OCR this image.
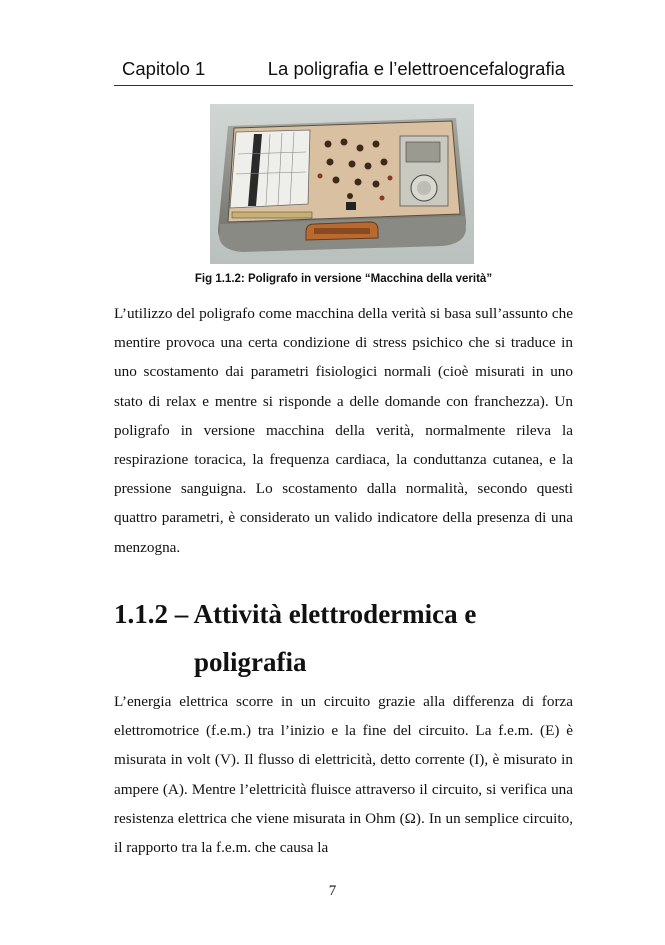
Capitolo 1	La poligrafia e l’elettroencefalografia
Fig 1.1.2: Poligrafo in versione “Macchina della verità”

L’utilizzo del poligrafo come macchina della verità si basa sull’assunto che mentire provoca una certa condizione di stress psichico che si traduce in uno scostamento dai parametri fisiologici normali (cioè misurati in uno stato di relax e mentre si risponde a delle domande con franchezza). Un poligrafo in versione macchina della verità, normalmente rileva la respirazione toracica, la frequenza cardiaca, la conduttanza cutanea, e la pressione sanguigna. Lo scostamento dalla normalità, secondo questi quattro parametri, è considerato un valido indicatore della presenza di una menzogna.

1.1.2 – Attività elettrodermica e
poligrafia

L’energia elettrica scorre in un circuito grazie alla differenza di forza elettromotrice (f.e.m.) tra l’inizio e la fine del circuito. La f.e.m. (E) è misurata in volt (V). Il flusso di elettricità, detto corrente (I), è misurato in ampere (A). Mentre l’elettricità fluisce attraverso il circuito, si verifica una resistenza elettrica che viene misurata in Ohm (Ω). In un semplice circuito, il rapporto tra la f.e.m. che causa la

7
